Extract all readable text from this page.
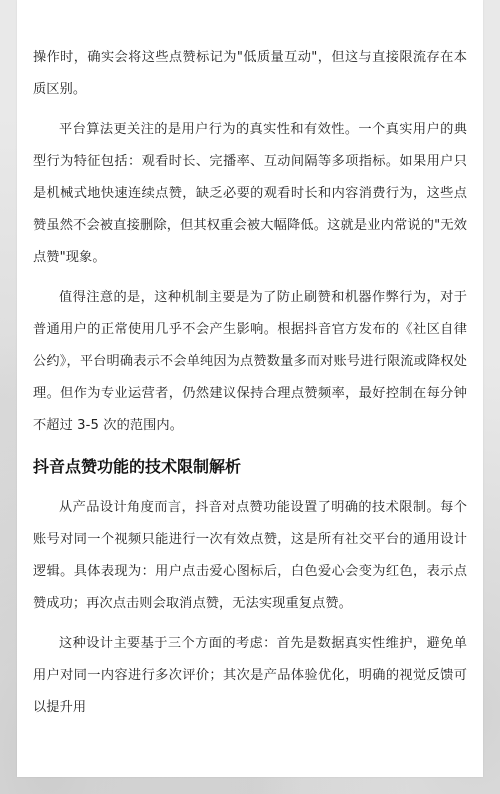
操作时，确实会将这些点赞标记为"低质量互动"，但这与直接限流存在本质区别。

平台算法更关注的是用户行为的真实性和有效性。一个真实用户的典型行为特征包括：观看时长、完播率、互动间隔等多项指标。如果用户只是机械式地快速连续点赞，缺乏必要的观看时长和内容消费行为，这些点赞虽然不会被直接删除，但其权重会被大幅降低。这就是业内常说的"无效点赞"现象。

值得注意的是，这种机制主要是为了防止刷赞和机器作弊行为，对于普通用户的正常使用几乎不会产生影响。根据抖音官方发布的《社区自律公约》，平台明确表示不会单纯因为点赞数量多而对账号进行限流或降权处理。但作为专业运营者，仍然建议保持合理点赞频率，最好控制在每分钟不超过 3-5 次的范围内。

抖音点赞功能的技术限制解析

从产品设计角度而言，抖音对点赞功能设置了明确的技术限制。每个账号对同一个视频只能进行一次有效点赞，这是所有社交平台的通用设计逻辑。具体表现为：用户点击爱心图标后，白色爱心会变为红色，表示点赞成功；再次点击则会取消点赞，无法实现重复点赞。

这种设计主要基于三个方面的考虑：首先是数据真实性维护，避免单用户对同一内容进行多次评价；其次是产品体验优化，明确的视觉反馈可以提升用
